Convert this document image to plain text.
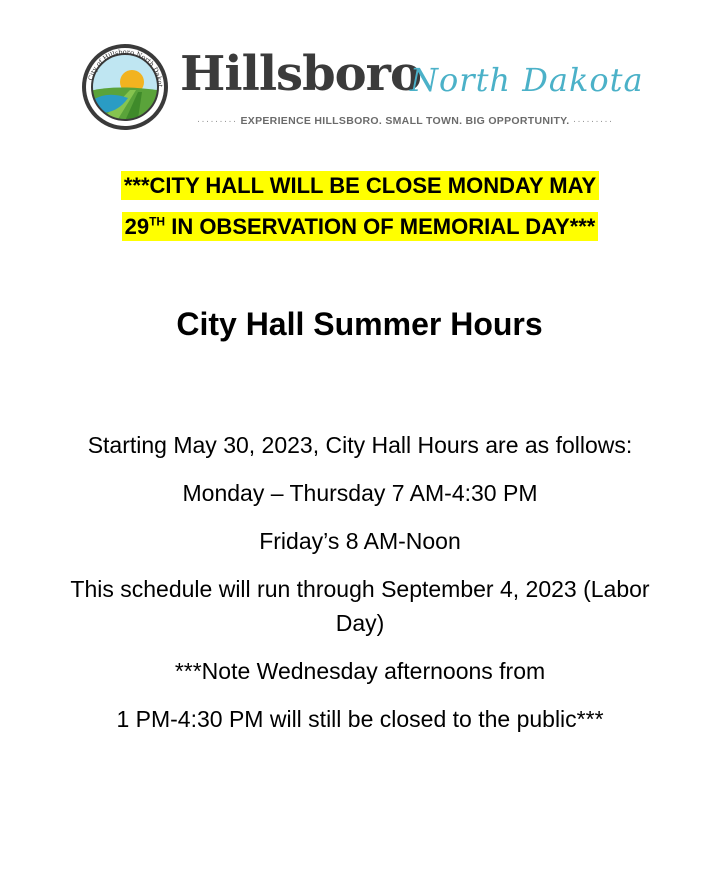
City of Hillsboro North Dakot Hillsboro
North Dakota
········· EXPERIENCE HILLSBORO. SMALL TOWN. BIG OPPORTUNITY. ·········
***CITY HALL WILL BE CLOSE MONDAY MAY
29TH IN OBSERVATION OF MEMORIAL DAY***
City Hall Summer Hours

Starting May 30, 2023, City Hall Hours are as follows:

Monday – Thursday 7 AM-4:30 PM

Friday’s 8 AM-Noon

This schedule will run through September 4, 2023 (Labor Day)

***Note Wednesday afternoons from

1 PM-4:30 PM will still be closed to the public***
